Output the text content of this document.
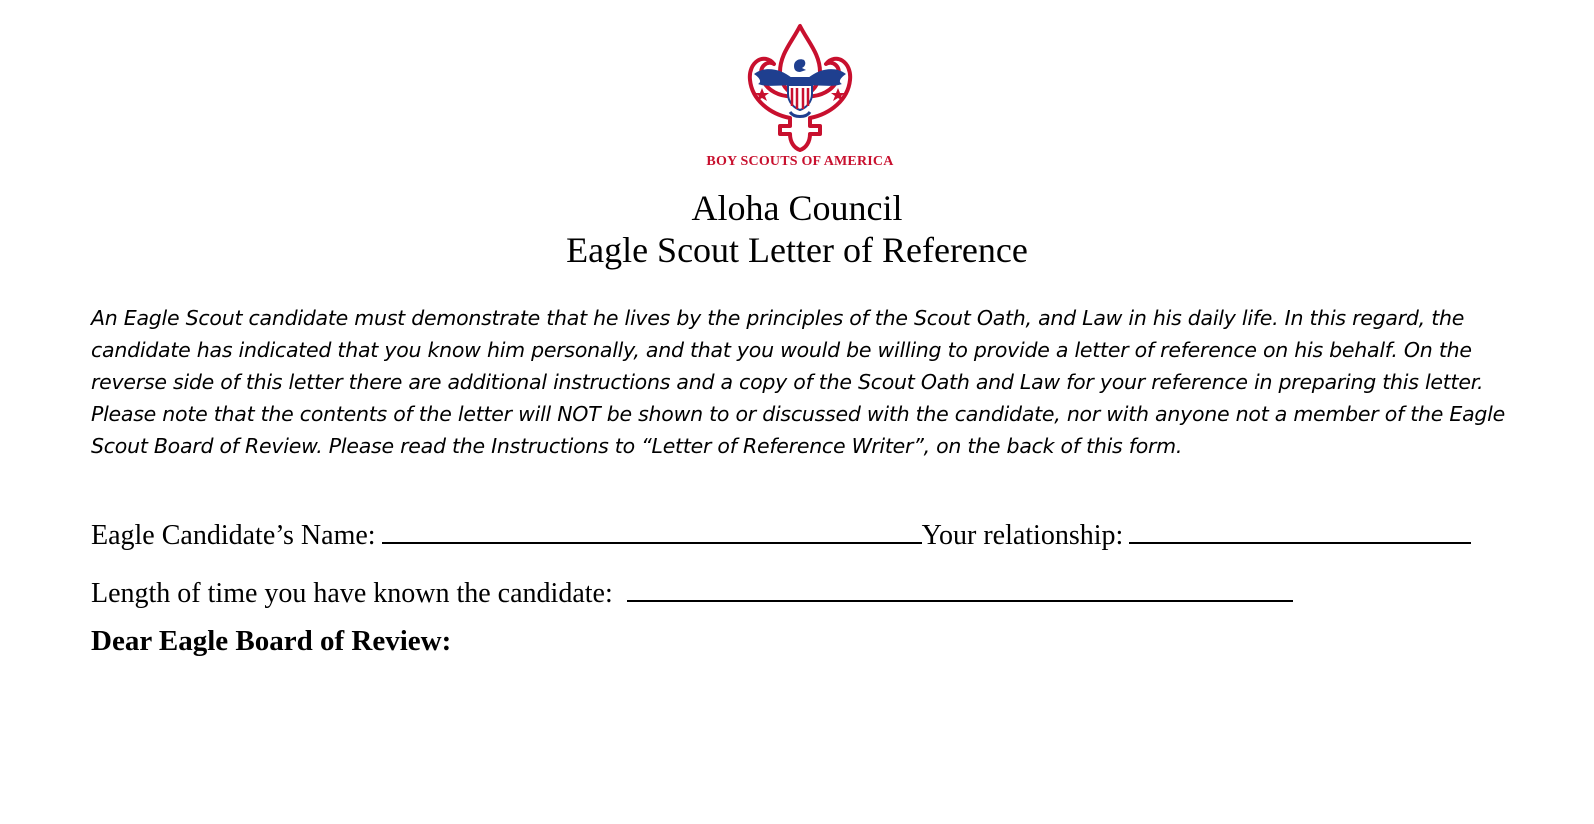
BOY SCOUTS OF AMERICA
Aloha Council
Eagle Scout Letter of Reference
An Eagle Scout candidate must demonstrate that he lives by the principles of the Scout Oath, and Law in his daily life. In this regard, the candidate has indicated that you know him personally, and that you would be willing to provide a letter of reference on his behalf. On the reverse side of this letter there are additional instructions and a copy of the Scout Oath and Law for your reference in preparing this letter. Please note that the contents of the letter will NOT be shown to or discussed with the candidate, nor with anyone not a member of the Eagle Scout Board of Review. Please read the Instructions to “Letter of Reference Writer”, on the back of this form.
Eagle Candidate’s Name:	Your relationship:
Length of time you have known the candidate:
Dear Eagle Board of Review:
